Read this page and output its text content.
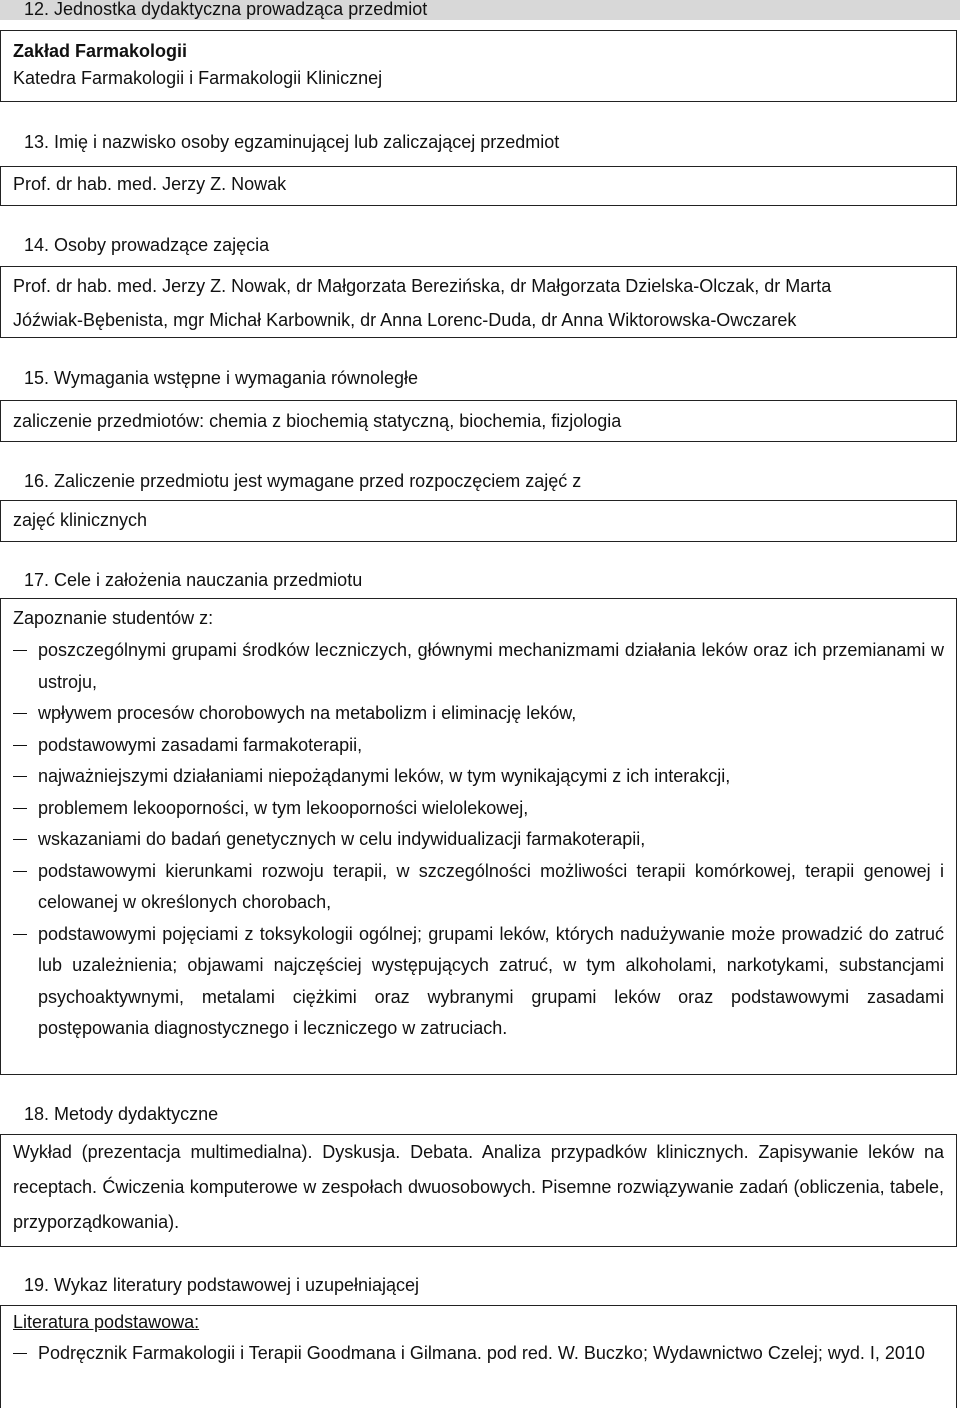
12. Jednostka dydaktyczna prowadząca przedmiot
Zakład Farmakologii
Katedra Farmakologii i Farmakologii Klinicznej
13. Imię i nazwisko osoby egzaminującej lub zaliczającej przedmiot
Prof. dr hab. med. Jerzy Z. Nowak
14. Osoby prowadzące zajęcia
Prof. dr hab. med. Jerzy Z. Nowak, dr Małgorzata Berezińska, dr Małgorzata Dzielska-Olczak, dr Marta
Jóźwiak-Bębenista, mgr Michał Karbownik, dr Anna Lorenc-Duda, dr Anna Wiktorowska-Owczarek
15. Wymagania wstępne i wymagania równoległe
zaliczenie przedmiotów: chemia z biochemią statyczną, biochemia, fizjologia
16. Zaliczenie przedmiotu jest wymagane przed rozpoczęciem zajęć z
zajęć klinicznych
17. Cele i założenia nauczania przedmiotu
Zapoznanie studentów z:
poszczególnymi grupami środków leczniczych, głównymi mechanizmami działania leków oraz ich przemianami w ustroju,
wpływem procesów chorobowych na metabolizm i eliminację leków,
podstawowymi zasadami farmakoterapii,
najważniejszymi działaniami niepożądanymi leków, w tym wynikającymi z ich interakcji,
problemem lekooporności, w tym lekooporności wielolekowej,
wskazaniami do badań genetycznych w celu indywidualizacji farmakoterapii,
podstawowymi kierunkami rozwoju terapii, w szczególności możliwości terapii komórkowej, terapii genowej i celowanej w określonych chorobach,
podstawowymi pojęciami z toksykologii ogólnej; grupami leków, których nadużywanie może prowadzić do zatruć lub uzależnienia; objawami najczęściej występujących zatruć, w tym alkoholami, narkotykami, substancjami psychoaktywnymi, metalami ciężkimi oraz wybranymi grupami leków oraz podstawowymi zasadami postępowania diagnostycznego i leczniczego w zatruciach.
18. Metody dydaktyczne
Wykład (prezentacja multimedialna). Dyskusja. Debata. Analiza przypadków klinicznych. Zapisywanie leków na receptach. Ćwiczenia komputerowe w zespołach dwuosobowych. Pisemne rozwiązywanie zadań (obliczenia, tabele, przyporządkowania).
19. Wykaz literatury podstawowej i uzupełniającej
Literatura podstawowa:
Podręcznik Farmakologii i Terapii Goodmana i Gilmana. pod red. W. Buczko; Wydawnictwo Czelej; wyd. I, 2010
